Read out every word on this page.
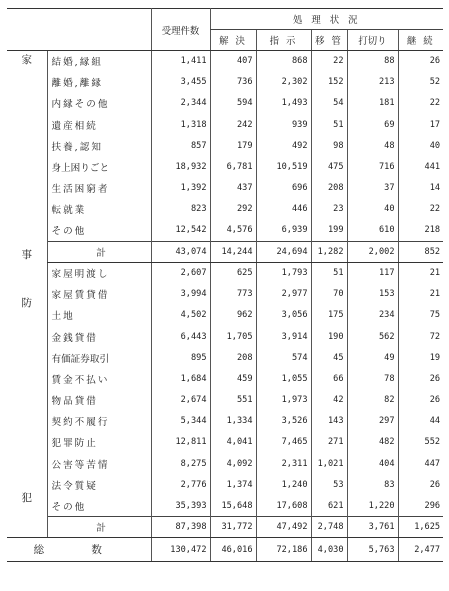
		受理件数	処 理 状 況				
			解 決	指 示	移 管	打切り	継 続

家
事	結婚,縁組	1,411	407	868	22	88	26
	離婚,離縁	3,455	736	2,302	152	213	52
	内縁その他	2,344	594	1,493	54	181	22
	遺産相続	1,318	242	939	51	69	17
	扶養,認知	857	179	492	98	48	40
	身上困りごと	18,932	6,781	10,519	475	716	441
	生活困窮者	1,392	437	696	208	37	14
	転就業	823	292	446	23	40	22
	その他	12,542	4,576	6,939	199	610	218
	計	43,074	14,244	24,694	1,282	2,002	852

防
犯	家屋明渡し	2,607	625	1,793	51	117	21
	家屋賃貸借	3,994	773	2,977	70	153	21
	土地	4,502	962	3,056	175	234	75
	金銭貸借	6,443	1,705	3,914	190	562	72
	有価証券取引	895	208	574	45	49	19
	賃金不払い	1,684	459	1,055	66	78	26
	物品貸借	2,674	551	1,973	42	82	26
	契約不履行	5,344	1,334	3,526	143	297	44
	犯罪防止	12,811	4,041	7,465	271	482	552
	公害等苦情	8,275	4,092	2,311	1,021	404	447
	法令質疑	2,776	1,374	1,240	53	83	26
	その他	35,393	15,648	17,608	621	1,220	296
	計	87,398	31,772	47,492	2,748	3,761	1,625
総 数		130,472	46,016	72,186	4,030	5,763	2,477
